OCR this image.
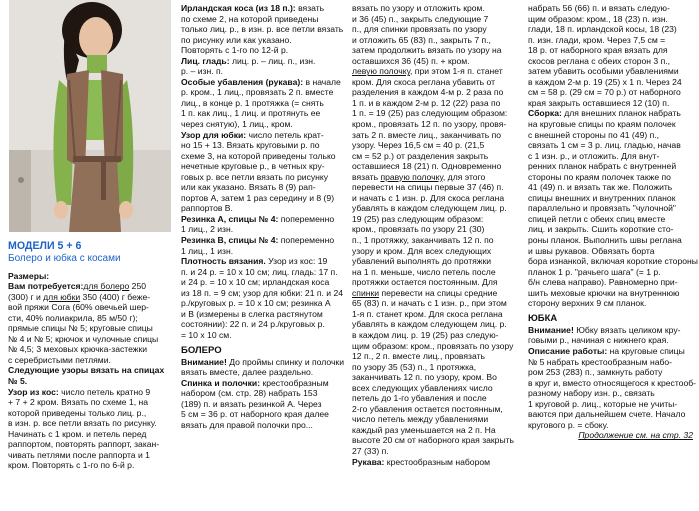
МОДЕЛИ 5 + 6

Болеро и юбка с косами

Размеры:

Вам потребуется:для болеро 250

(300) г и для юбки 350 (400) г беже-

вой пряжи Сога (60% овечьей шер-

сти, 40% полиакрила, 85 м/50 г);

прямые спицы № 5; круговые спицы

№ 4 и № 5; крючок и чулочные спицы

№ 4,5; 3 меховых крючка-застежки

с серебристыми петлями.

Следующие узоры вязать на спицах

№ 5.

Узор из кос: число петель кратно 9

+ 7 + 2 кром. Вязать по схеме 1, на

которой приведены только лиц. р.,

в изн. р. все петли вязать по рисунку.

Начинать с 1 кром. и петель перед

раппортом, повторять раппорт, закан-

чивать петлями после раппорта и 1

кром. Повторять с 1-го по 6-й р.

Ирландская коса (из 18 п.): вязать

по схеме 2, на которой приведены

только лиц. р., в изн. р. все петли вязать

по рисунку или как указано.

Повторять с 1-го по 12-й р.

Лиц. гладь: лиц. р. – лиц. п., изн.

р. – изн. п.

Особые убавления (рукава): в начале

р. кром., 1 лиц., провязать 2 п. вместе

лиц., в конце р. 1 протяжка (= снять

1 п. как лиц., 1 лиц. и протянуть ее

через снятую), 1 лиц., кром.

Узор для юбки: число петель крат-

но 15 + 13. Вязать круговыми р. по

схеме 3, на которой приведены только

нечетные круговые р., в четных кру-

говых р. все петли вязать по рисунку

или как указано. Вязать 8 (9) рап-

портов А, затем 1 раз середину и 8 (9)

раппортов В.

Резинка А, спицы № 4: попеременно

1 лиц., 2 изн.

Резинка В, спицы № 4: попеременно

1 лиц., 1 изн.

Плотность вязания. Узор из кос: 19

п. и 24 р. = 10 x 10 см; лиц. гладь: 17 п.

и 24 р. = 10 x 10 см; ирландская коса

из 18 п. = 9 см; узор для юбки: 21 п. и 24

р./круговых р. = 10 x 10 см; резинка А

и В (измерены в слегка растянутом

состоянии): 22 п. и 24 р./круговых р.

= 10 x 10 см.

БОЛЕРО

Внимание! До проймы спинку и полочки

вязать вместе, далее раздельно.

Спинка и полочки: крестообразным

набором (см. стр. 28) набрать 153

(189) п. и вязать резинкой А. Через

5 см = 36 р. от наборного края далее

вязать для правой полочки про...

вязать по узору и отложить кром.

и 36 (45) п., закрыть следующие 7

п., для спинки провязать по узору

и отложить 65 (83) п., закрыть 7 п.,

затем продолжить вязать по узору на

оставшихся 36 (45) п. + кром.

левую полочку, при этом 1-я п. станет

кром. Для скоса реглана убавить от

разделения в каждом 4-м р. 2 раза по

1 п. и в каждом 2-м р. 12 (22) раза по

1 п. = 19 (25) раз следующим образом:

кром., провязать 12 п. по узору, провя-

зать 2 п. вместе лиц., заканчивать по

узору. Через 16,5 см = 40 р. (21,5

см = 52 р.) от разделения закрыть

оставшиеся 18 (21) п. Одновременно

вязать правую полочку, для этого

перевести на спицы первые 37 (46) п.

и начать с 1 изн. р. Для скоса реглана

убавлять в каждом следующем лиц. р.

19 (25) раз следующим образом:

кром., провязать по узору 21 (30)

п., 1 протяжку, заканчивать 12 п. по

узору и кром. Для всех следующих

убавлений выполнять до протяжки

на 1 п. меньше, число петель после

протяжки остается постоянным. Для

спинки перевести на спицы средние

65 (83) п. и начать с 1 изн. р., при этом

1-я п. станет кром. Для скоса реглана

убавлять в каждом следующем лиц. р.

в каждом лиц. р. 19 (25) раз следую-

щим образом: кром., провязать по узору

12 п., 2 п. вместе лиц., провязать

по узору 35 (53) п., 1 протяжка,

заканчивать 12 п. по узору, кром. Во

всех следующих убавлениях число

петель до 1-го убавления и после

2-го убавления остается постоянным,

число петель между убавлениями

каждый раз уменьшается на 2 п. На

высоте 20 см от наборного края закрыть

27 (33) п.

Рукава: крестообразным набором

набрать 56 (66) п. и вязать следую-

щим образом: кром., 18 (23) п. изн.

глади, 18 п. ирландской косы, 18 (23)

п. изн. глади, кром. Через 7,5 см =

18 р. от наборного края вязать для

скосов реглана с обеих сторон 3 п.,

затем убавить особыми убавлениями

в каждом 2-м р. 19 (25) x 1 п. Через 24

см = 58 р. (29 см = 70 р.) от наборного

края закрыть оставшиеся 12 (10) п.

Сборка: для внешних планок набрать

на круговые спицы по краям полочек

с внешней стороны по 41 (49) п.,

связать 1 см = 3 р. лиц. гладью, начав

с 1 изн. р., и отложить. Для внут-

ренних планок набрать с внутренней

стороны по краям полочек также по

41 (49) п. и вязать так же. Положить

спицы внешних и внутренних планок

параллельно и провязать "чулочной"

спицей петли с обеих спиц вместе

лиц. и закрыть. Сшить короткие сто-

роны планок. Выполнить швы реглана

и швы рукавов. Обвязать борта

бора изнанкой, включая короткие стороны

планок 1 р. "рачьего шага" (= 1 р.

б/н слева направо). Равномерно при-

шить меховые крючки на внутреннюю

сторону верхних 9 см планок.

ЮБКА

Внимание! Юбку вязать целиком кру-

говыми р., начиная с нижнего края.

Описание работы: на круговые спицы

№ 5 набрать крестообразным набо-

ром 253 (283) п., замкнуть работу

в круг и, вместо относящегося к крестооб-

разному набору изн. р., связать

1 круговой р. лиц., которые не учиты-

ваются при дальнейшем счете. Начало

кругового р. = сбоку.

Продолжение см. на стр. 32
